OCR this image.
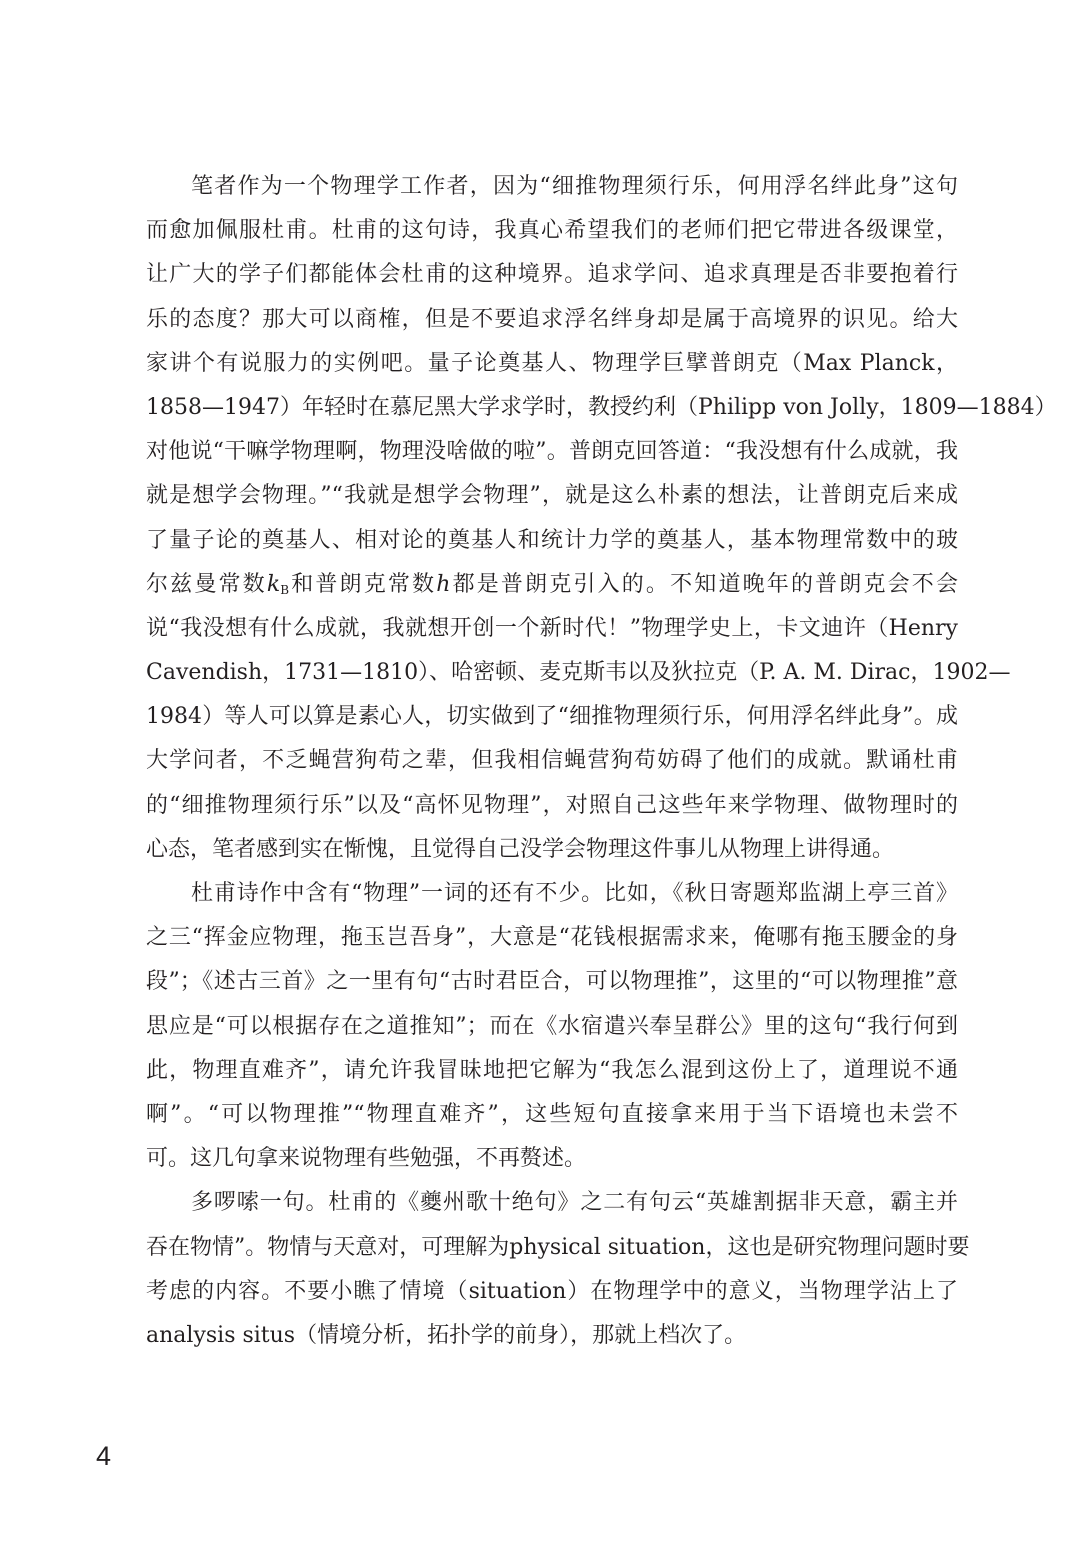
笔者作为一个物理学工作者，因为“细推物理须行乐，何用浮名绊此身”这句
而愈加佩服杜甫。杜甫的这句诗，我真心希望我们的老师们把它带进各级课堂，
让广大的学子们都能体会杜甫的这种境界。追求学问、追求真理是否非要抱着行
乐的态度？那大可以商榷，但是不要追求浮名绊身却是属于高境界的识见。给大
家讲个有说服力的实例吧。量子论奠基人、物理学巨擘普朗克（Max Planck，
1858—1947）年轻时在慕尼黑大学求学时，教授约利（Philipp von Jolly，1809—1884）
对他说“干嘛学物理啊，物理没啥做的啦”。普朗克回答道：“我没想有什么成就，我
就是想学会物理。”“我就是想学会物理”，就是这么朴素的想法，让普朗克后来成
了量子论的奠基人、相对论的奠基人和统计力学的奠基人，基本物理常数中的玻
尔兹曼常数$k_B$和普朗克常数h都是普朗克引入的。不知道晚年的普朗克会不会
说“我没想有什么成就，我就想开创一个新时代！”物理学史上，卡文迪许（Henry
Cavendish，1731—1810）、哈密顿、麦克斯韦以及狄拉克（P. A. M. Dirac，1902—
1984）等人可以算是素心人，切实做到了“细推物理须行乐，何用浮名绊此身”。成
大学问者，不乏蝇营狗苟之辈，但我相信蝇营狗苟妨碍了他们的成就。默诵杜甫
的“细推物理须行乐”以及“高怀见物理”，对照自己这些年来学物理、做物理时的
心态，笔者感到实在惭愧，且觉得自己没学会物理这件事儿从物理上讲得通。
杜甫诗作中含有“物理”一词的还有不少。比如，《秋日寄题郑监湖上亭三首》
之三“挥金应物理，拖玉岂吾身”，大意是“花钱根据需求来，俺哪有拖玉腰金的身
段”；《述古三首》之一里有句“古时君臣合，可以物理推”，这里的“可以物理推”意
思应是“可以根据存在之道推知”；而在《水宿遣兴奉呈群公》里的这句“我行何到
此，物理直难齐”，请允许我冒昧地把它解为“我怎么混到这份上了，道理说不通
啊”。“可以物理推”“物理直难齐”，这些短句直接拿来用于当下语境也未尝不
可。这几句拿来说物理有些勉强，不再赘述。
多啰嗦一句。杜甫的《夔州歌十绝句》之二有句云“英雄割据非天意，霸主并
吞在物情”。物情与天意对，可理解为physical situation，这也是研究物理问题时要
考虑的内容。不要小瞧了情境（situation）在物理学中的意义，当物理学沾上了
analysis situs（情境分析，拓扑学的前身），那就上档次了。
4
